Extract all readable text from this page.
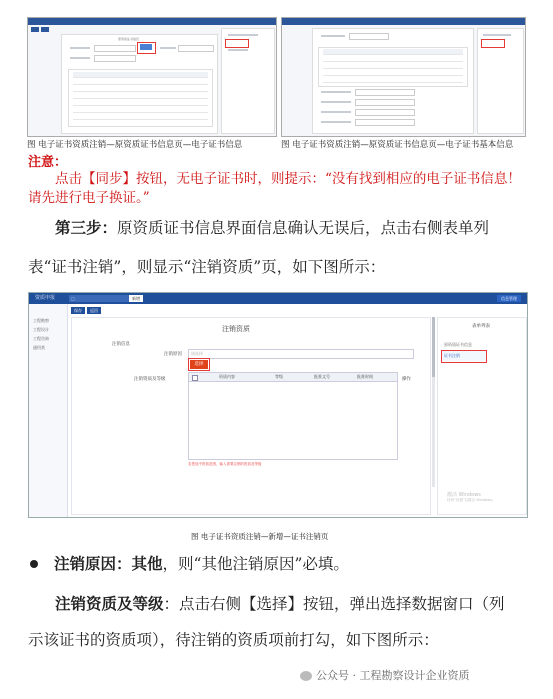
原资质证书信息
图 电子证书资质注销—原资质证书信息页—电子证书信息	图 电子证书资质注销—原资质证书信息页—电子证书基本信息
注意：
点击【同步】按钮，无电子证书时，则提示：“没有找到相应的电子证书信息！请先进行电子换证。”
第三步：原资质证书信息界面信息确认无误后，点击右侧表单列
表“证书注销”，则显示“注销资质”页，如下图所示：
资质申报	▢	新增	信息管理
工程勘察
工程设计
工程咨询
通用类
保存	返回
注销资质
注销信息
注销原因	请选择
选择
注销资质及等级
资质内容	等级	批准文号	批准时间
操作
若您选中资质范围，输入需要注销的资质及等级
表单列表
原资质证书信息
证书注销
激活 Windows
转到“设置”以激活 Windows。
图 电子证书资质注销—新增—证书注销页
注销原因：其他，则“其他注销原因”必填。
注销资质及等级：点击右侧【选择】按钮，弹出选择数据窗口（列
示该证书的资质项），待注销的资质项前打勾，如下图所示：
公众号 · 工程勘察设计企业资质
